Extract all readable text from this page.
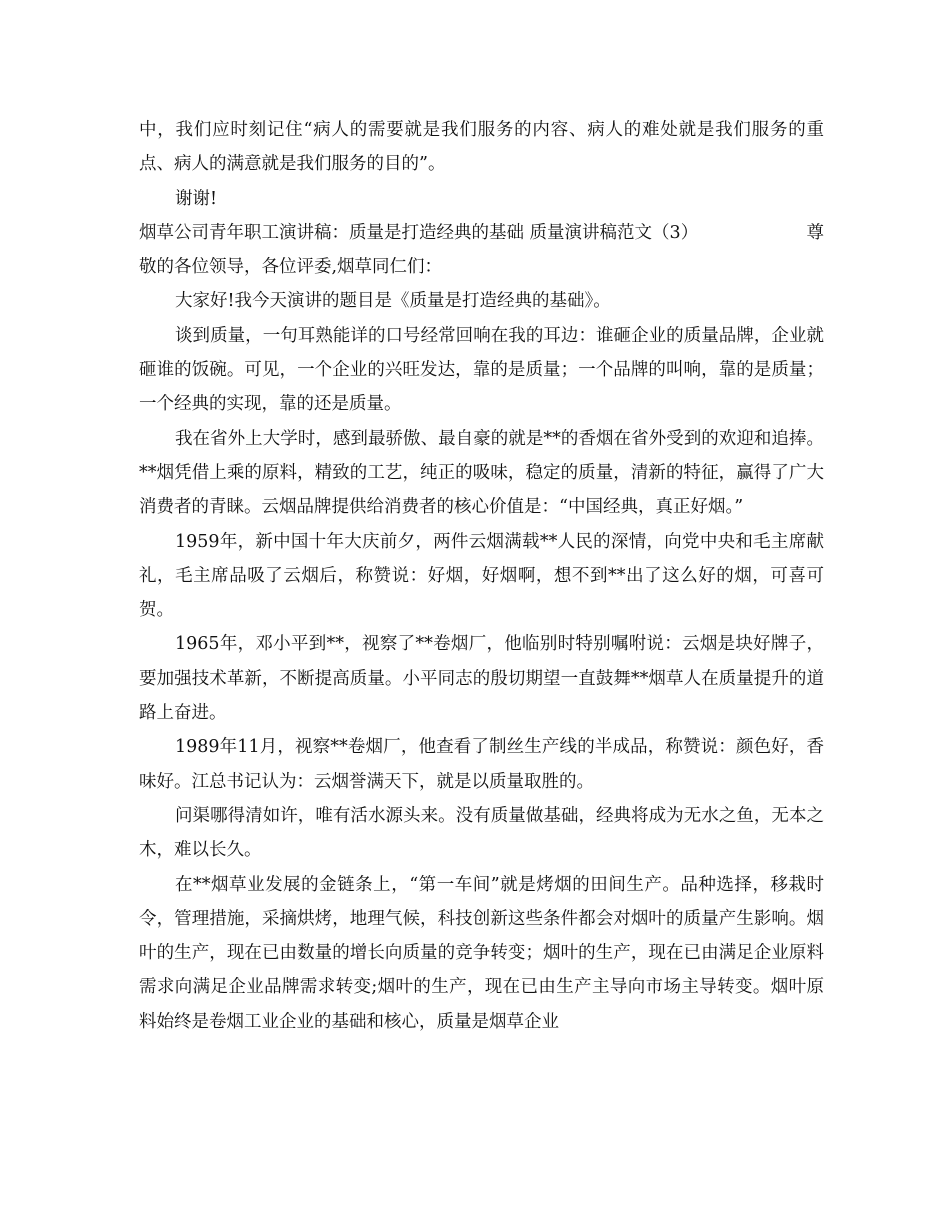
中，我们应时刻记住“病人的需要就是我们服务的内容、病人的难处就是我们服务的重点、病人的满意就是我们服务的目的”。

谢谢!

烟草公司青年职工演讲稿：质量是打造经典的基础 质量演讲稿范文（3）	尊

敬的各位领导，各位评委,烟草同仁们：

大家好!我今天演讲的题目是《质量是打造经典的基础》。

谈到质量，一句耳熟能详的口号经常回响在我的耳边：谁砸企业的质量品牌，企业就砸谁的饭碗。可见，一个企业的兴旺发达，靠的是质量；一个品牌的叫响，靠的是质量；一个经典的实现，靠的还是质量。

我在省外上大学时，感到最骄傲、最自豪的就是**的香烟在省外受到的欢迎和追捧。**烟凭借上乘的原料，精致的工艺，纯正的吸味，稳定的质量，清新的特征，赢得了广大消费者的青睐。云烟品牌提供给消费者的核心价值是：“中国经典，真正好烟。”

1959年，新中国十年大庆前夕，两件云烟满载**人民的深情，向党中央和毛主席献礼，毛主席品吸了云烟后，称赞说：好烟，好烟啊，想不到**出了这么好的烟，可喜可贺。

1965年，邓小平到**，视察了**卷烟厂，他临别时特别嘱咐说：云烟是块好牌子，要加强技术革新，不断提高质量。小平同志的殷切期望一直鼓舞**烟草人在质量提升的道路上奋进。

1989年11月，视察**卷烟厂，他查看了制丝生产线的半成品，称赞说：颜色好，香味好。江总书记认为：云烟誉满天下，就是以质量取胜的。

问渠哪得清如许，唯有活水源头来。没有质量做基础，经典将成为无水之鱼，无本之木，难以长久。

在**烟草业发展的金链条上，“第一车间”就是烤烟的田间生产。品种选择，移栽时令，管理措施，采摘烘烤，地理气候，科技创新这些条件都会对烟叶的质量产生影响。烟叶的生产，现在已由数量的增长向质量的竞争转变；烟叶的生产，现在已由满足企业原料需求向满足企业品牌需求转变;烟叶的生产，现在已由生产主导向市场主导转变。烟叶原料始终是卷烟工业企业的基础和核心，质量是烟草企业
